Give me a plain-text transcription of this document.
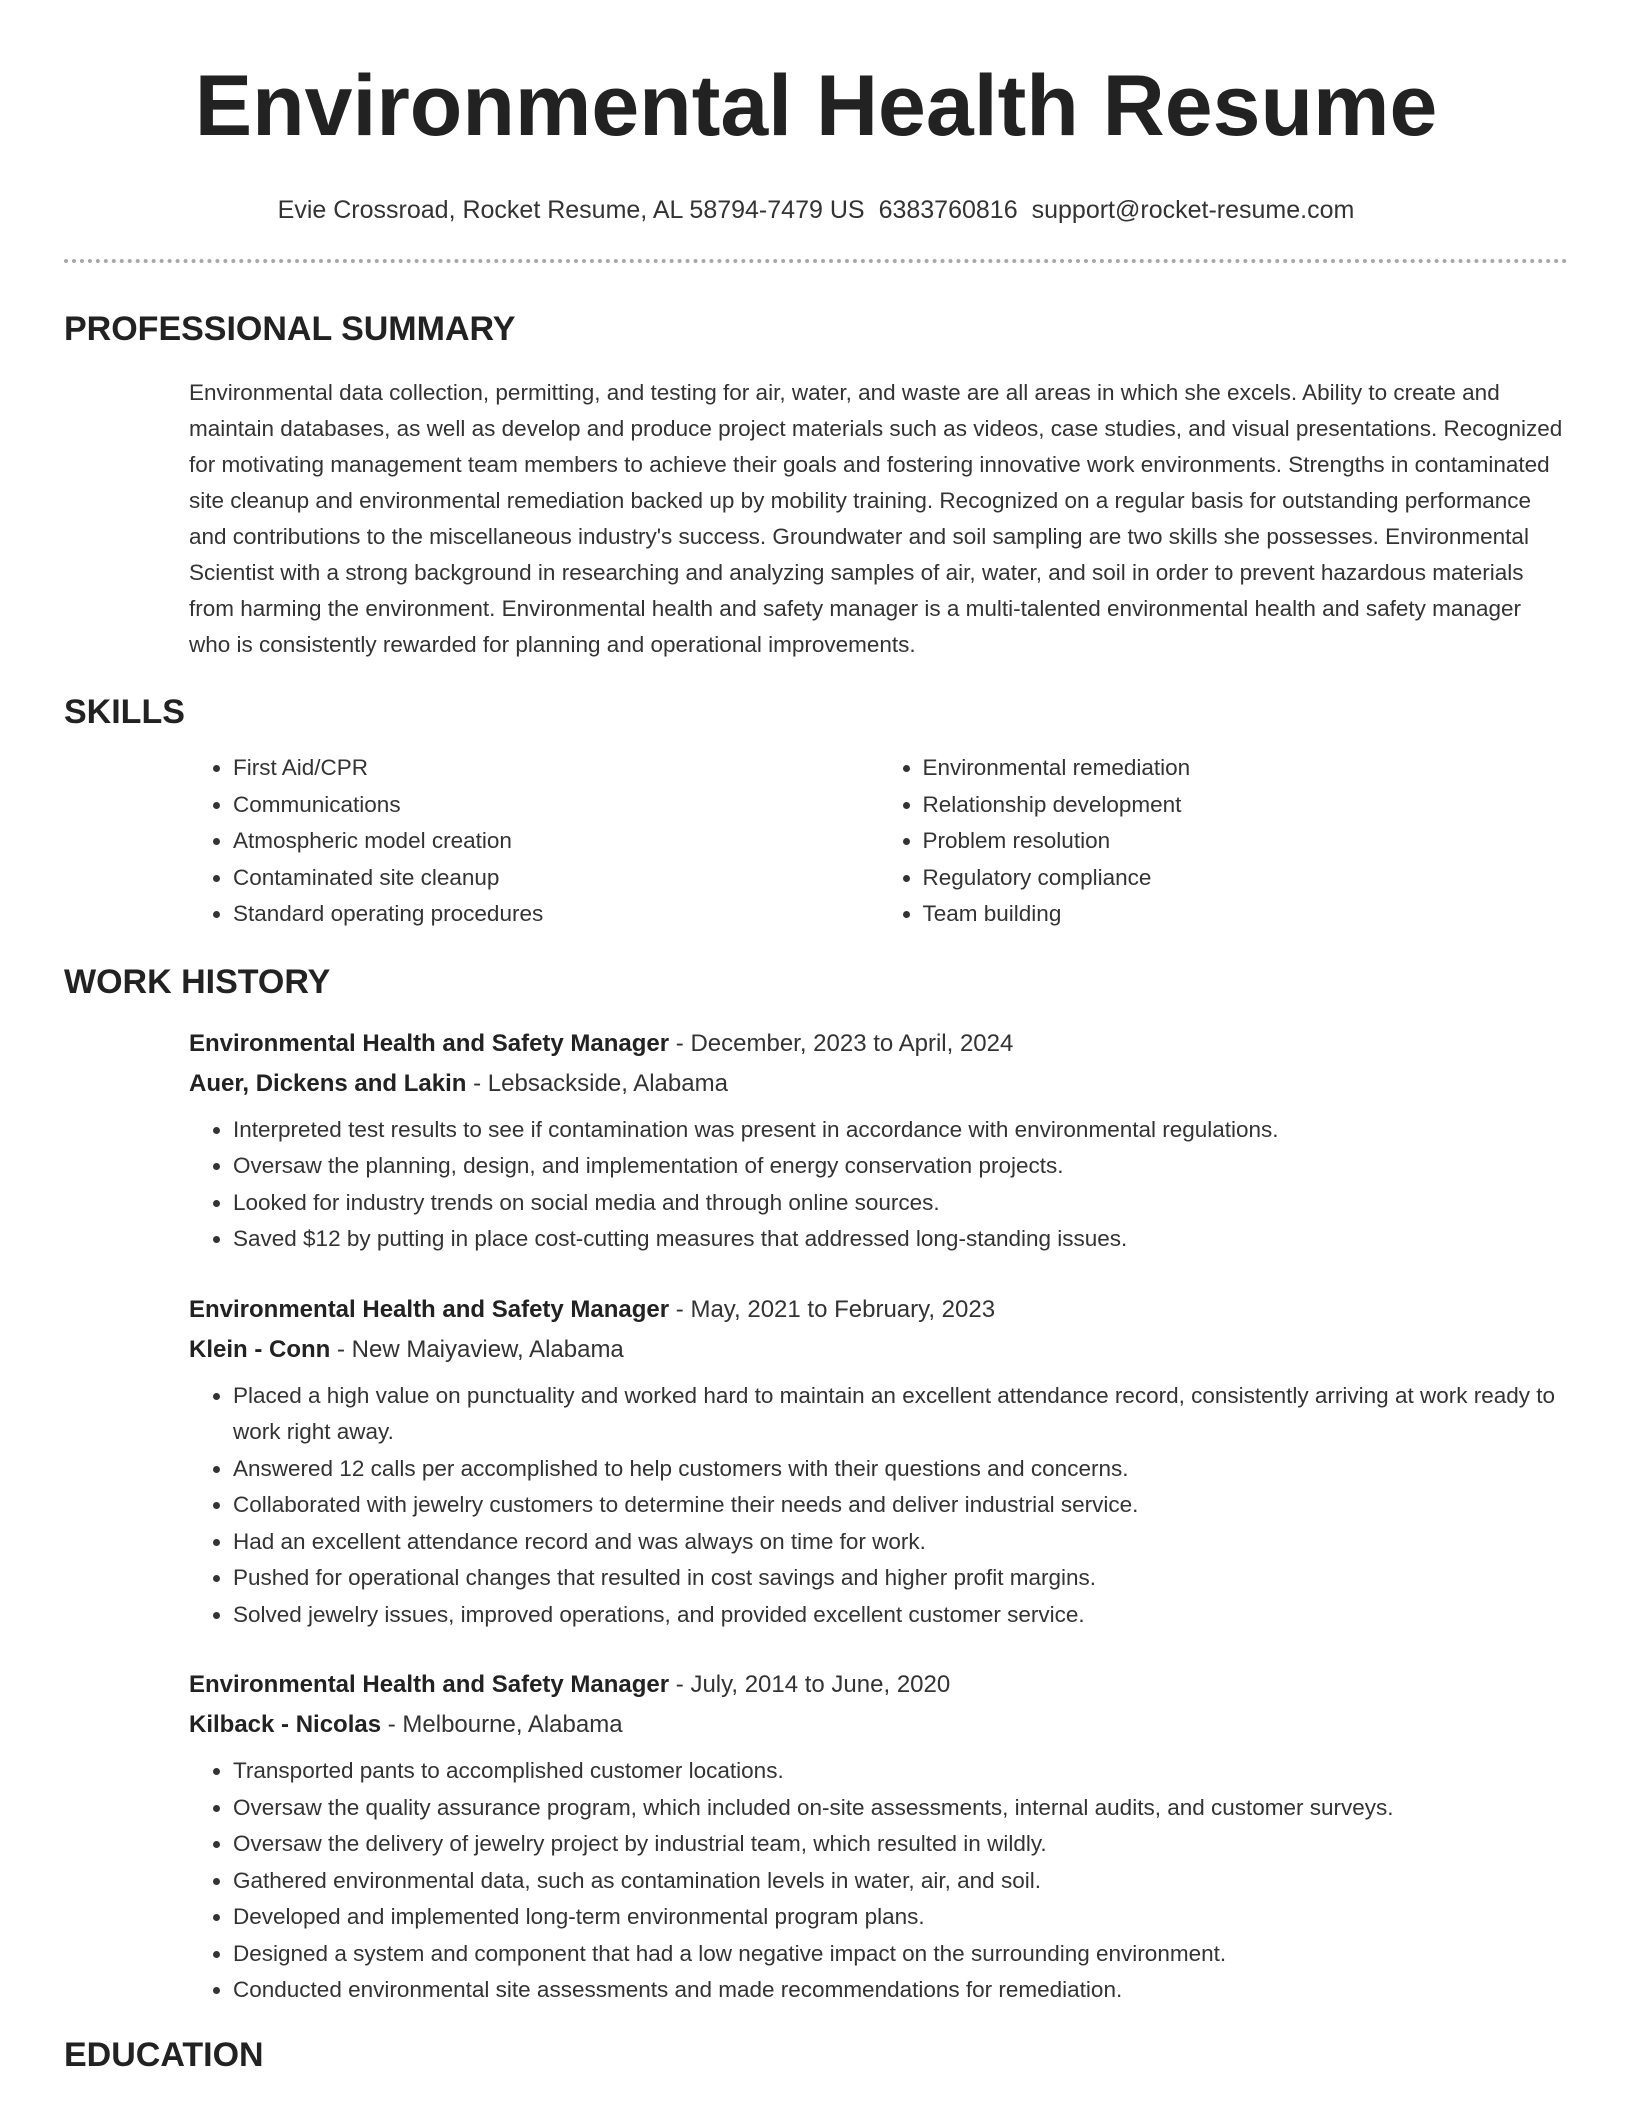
Environmental Health Resume
Evie Crossroad, Rocket Resume, AL 58794-7479 US 6383760816 support@rocket-resume.com
PROFESSIONAL SUMMARY
Environmental data collection, permitting, and testing for air, water, and waste are all areas in which she excels. Ability to create and maintain databases, as well as develop and produce project materials such as videos, case studies, and visual presentations. Recognized for motivating management team members to achieve their goals and fostering innovative work environments. Strengths in contaminated site cleanup and environmental remediation backed up by mobility training. Recognized on a regular basis for outstanding performance and contributions to the miscellaneous industry's success. Groundwater and soil sampling are two skills she possesses. Environmental Scientist with a strong background in researching and analyzing samples of air, water, and soil in order to prevent hazardous materials from harming the environment. Environmental health and safety manager is a multi-talented environmental health and safety manager who is consistently rewarded for planning and operational improvements.
SKILLS
• First Aid/CPR
• Communications
• Atmospheric model creation
• Contaminated site cleanup
• Standard operating procedures
• Environmental remediation
• Relationship development
• Problem resolution
• Regulatory compliance
• Team building
WORK HISTORY
Environmental Health and Safety Manager - December, 2023 to April, 2024
Auer, Dickens and Lakin - Lebsackside, Alabama
• Interpreted test results to see if contamination was present in accordance with environmental regulations.
• Oversaw the planning, design, and implementation of energy conservation projects.
• Looked for industry trends on social media and through online sources.
• Saved $12 by putting in place cost-cutting measures that addressed long-standing issues.
Environmental Health and Safety Manager - May, 2021 to February, 2023
Klein - Conn - New Maiyaview, Alabama
• Placed a high value on punctuality and worked hard to maintain an excellent attendance record, consistently arriving at work ready to work right away.
• Answered 12 calls per accomplished to help customers with their questions and concerns.
• Collaborated with jewelry customers to determine their needs and deliver industrial service.
• Had an excellent attendance record and was always on time for work.
• Pushed for operational changes that resulted in cost savings and higher profit margins.
• Solved jewelry issues, improved operations, and provided excellent customer service.
Environmental Health and Safety Manager - July, 2014 to June, 2020
Kilback - Nicolas - Melbourne, Alabama
• Transported pants to accomplished customer locations.
• Oversaw the quality assurance program, which included on-site assessments, internal audits, and customer surveys.
• Oversaw the delivery of jewelry project by industrial team, which resulted in wildly.
• Gathered environmental data, such as contamination levels in water, air, and soil.
• Developed and implemented long-term environmental program plans.
• Designed a system and component that had a low negative impact on the surrounding environment.
• Conducted environmental site assessments and made recommendations for remediation.
EDUCATION
